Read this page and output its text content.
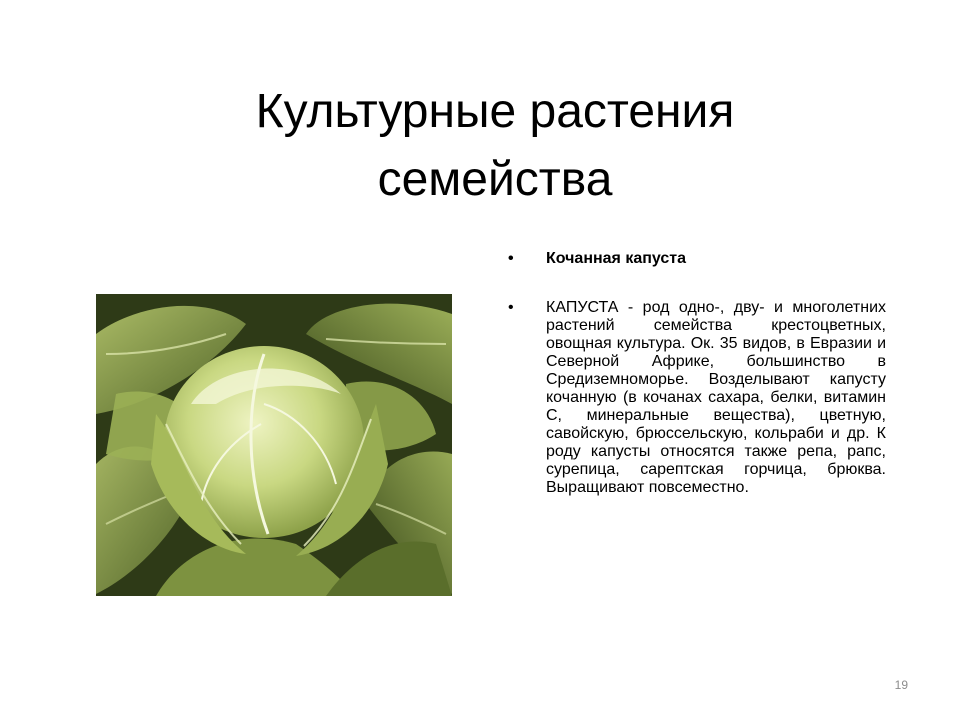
Культурные растения
семейства
• Кочанная капуста
• КАПУСТА - род одно-, дву- и многолетних растений семейства крестоцветных, овощная культура. Ок. 35 видов, в Евразии и Северной Африке, большинство в Средиземноморье. Возделывают капусту кочанную (в кочанах сахара, белки, витамин С, минеральные вещества), цветную, савойскую, брюссельскую, кольраби и др. К роду капусты относятся также репа, рапс, сурепица, сарептская горчица, брюква. Выращивают повсеместно.
19
